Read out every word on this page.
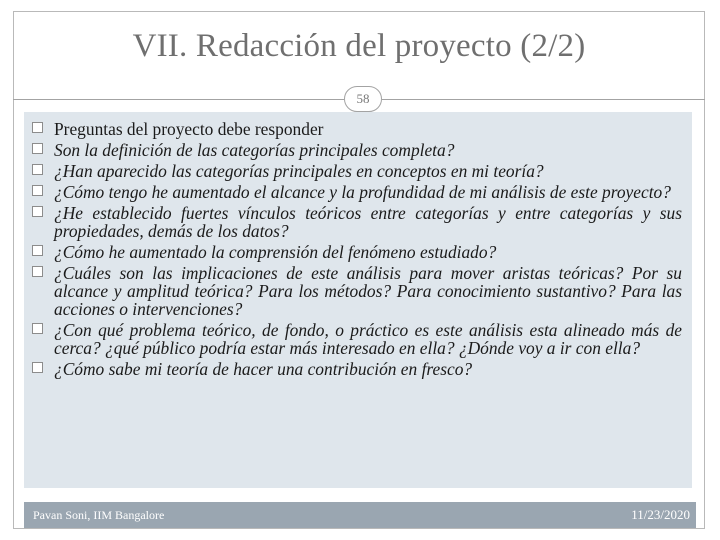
VII. Redacción del proyecto (2/2)
58
Preguntas del proyecto debe responder
Son la definición de las categorías principales completa?
¿Han aparecido las categorías principales en conceptos en mi teoría?
¿Cómo tengo he aumentado el alcance y la profundidad de mi análisis de este proyecto?
¿He establecido fuertes vínculos teóricos entre categorías y entre categorías y sus propiedades, demás de los datos?
¿Cómo he aumentado la comprensión del fenómeno estudiado?
¿Cuáles son las implicaciones de este análisis para mover aristas teóricas? Por su alcance y amplitud teórica? Para los métodos? Para conocimiento sustantivo? Para las acciones o intervenciones?
¿Con qué problema teórico, de fondo, o práctico es este análisis esta alineado más de cerca? ¿qué público podría estar más interesado en ella? ¿Dónde voy a ir con ella?
¿Cómo sabe mi teoría de hacer una contribución en fresco?
Pavan Soni, IIM Bangalore	11/23/2020
